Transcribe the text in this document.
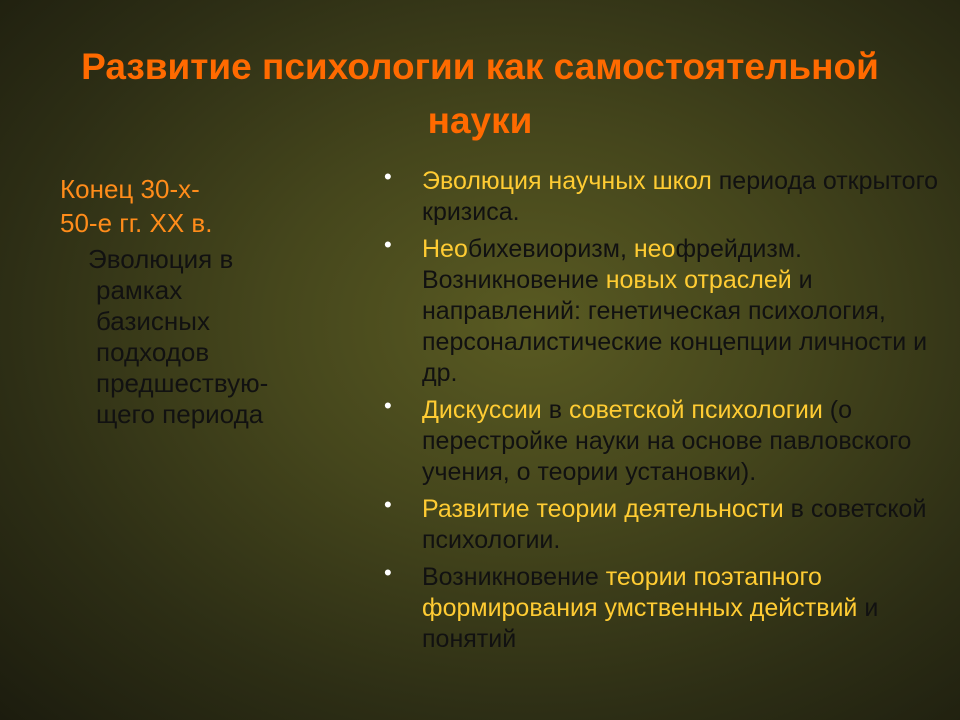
Развитие психологии как самостоятельной
науки
Конец 30-х-
50-е гг. XX в.
Эволюция в
рамках
базисных
подходов
предшествую-
щего периода
• Эволюция научных школ периода открытого кризиса.
• Необихевиоризм, неофрейдизм. Возникновение новых отраслей и направлений: генетическая психология, персоналистические концепции личности и др.
• Дискуссии в советской психологии (о перестройке науки на основе павловского учения, о теории установки).
• Развитие теории деятельности в советской психологии.
• Возникновение теории поэтапного формирования умственных действий и понятий
